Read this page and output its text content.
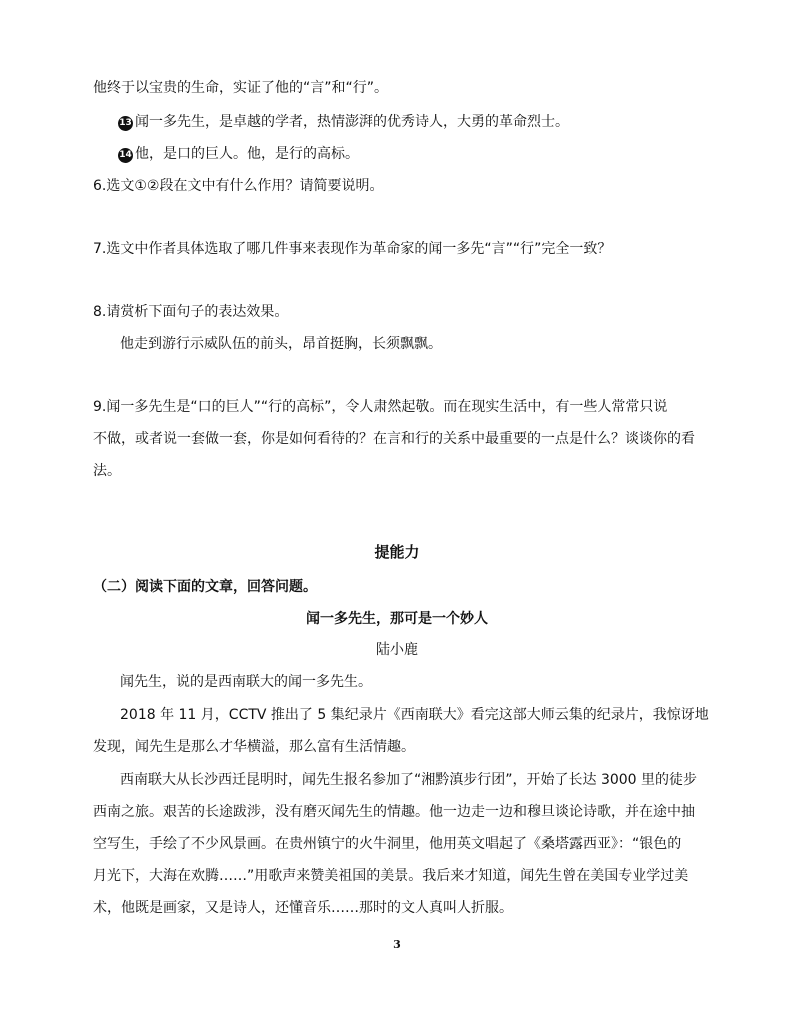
他终于以宝贵的生命，实证了他的“言”和“行”。
13 闻一多先生，是卓越的学者，热情澎湃的优秀诗人，大勇的革命烈士。
14 他，是口的巨人。他，是行的高标。
6.选文①②段在文中有什么作用？请简要说明。
7.选文中作者具体选取了哪几件事来表现作为革命家的闻一多先“言”“行”完全一致？
8.请赏析下面句子的表达效果。
他走到游行示威队伍的前头，昂首挺胸，长须飘飘。
9.闻一多先生是“口的巨人”“行的高标”，令人肃然起敬。而在现实生活中，有一些人常常只说
不做，或者说一套做一套，你是如何看待的？在言和行的关系中最重要的一点是什么？谈谈你的看
法。
提能力
（二）阅读下面的文章，回答问题。
闻一多先生，那可是一个妙人
陆小鹿
闻先生，说的是西南联大的闻一多先生。
2018 年 11 月，CCTV 推出了 5 集纪录片《西南联大》看完这部大师云集的纪录片，我惊讶地
发现，闻先生是那么才华横溢，那么富有生活情趣。
西南联大从长沙西迁昆明时，闻先生报名参加了“湘黔滇步行团”，开始了长达 3000 里的徒步
西南之旅。艰苦的长途跋涉，没有磨灭闻先生的情趣。他一边走一边和穆旦谈论诗歌，并在途中抽
空写生，手绘了不少风景画。在贵州镇宁的火牛洞里，他用英文唱起了《桑塔露西亚》：“银色的
月光下，大海在欢腾……”用歌声来赞美祖国的美景。我后来才知道，闻先生曾在美国专业学过美
术，他既是画家，又是诗人，还懂音乐……那时的文人真叫人折服。
3
